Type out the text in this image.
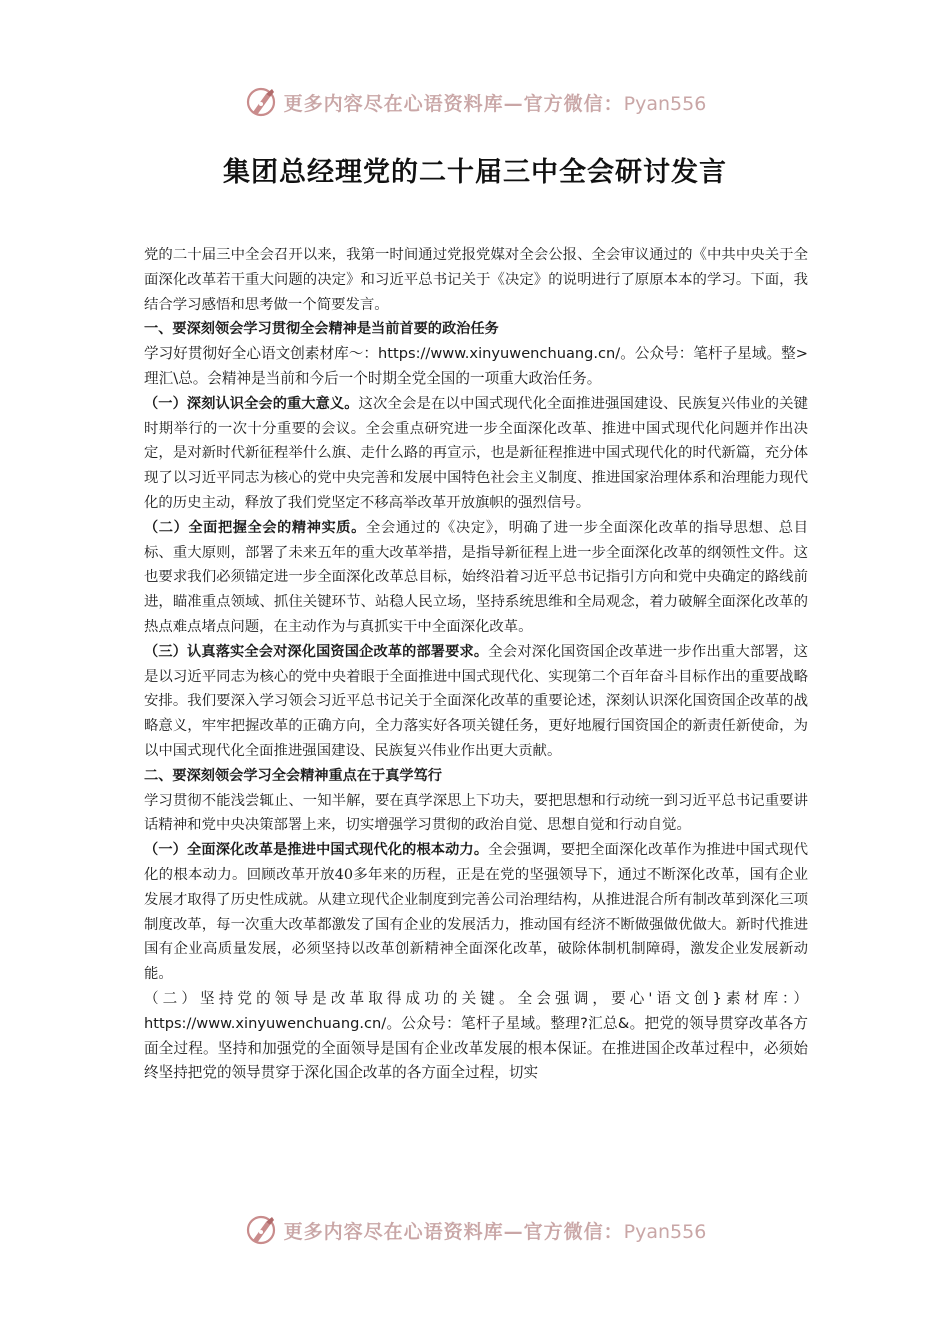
更多内容尽在心语资料库—官方微信：Pyan556
集团总经理党的二十届三中全会研讨发言

党的二十届三中全会召开以来，我第一时间通过党报党媒对全会公报、全会审议通过的《中共中央关于全面深化改革若干重大问题的决定》和习近平总书记关于《决定》的说明进行了原原本本的学习。下面，我结合学习感悟和思考做一个简要发言。

一、要深刻领会学习贯彻全会精神是当前首要的政治任务

学习好贯彻好全心语文创素材库～：https://www.xinyuwenchuang.cn/。公众号：笔杆子星域。整>理汇\总。会精神是当前和今后一个时期全党全国的一项重大政治任务。

（一）深刻认识全会的重大意义。这次全会是在以中国式现代化全面推进强国建设、民族复兴伟业的关键时期举行的一次十分重要的会议。全会重点研究进一步全面深化改革、推进中国式现代化问题并作出决定，是对新时代新征程举什么旗、走什么路的再宣示，也是新征程推进中国式现代化的时代新篇，充分体现了以习近平同志为核心的党中央完善和发展中国特色社会主义制度、推进国家治理体系和治理能力现代化的历史主动，释放了我们党坚定不移高举改革开放旗帜的强烈信号。

（二）全面把握全会的精神实质。全会通过的《决定》，明确了进一步全面深化改革的指导思想、总目标、重大原则，部署了未来五年的重大改革举措，是指导新征程上进一步全面深化改革的纲领性文件。这也要求我们必须锚定进一步全面深化改革总目标，始终沿着习近平总书记指引方向和党中央确定的路线前进，瞄准重点领域、抓住关键环节、站稳人民立场，坚持系统思维和全局观念，着力破解全面深化改革的热点难点堵点问题，在主动作为与真抓实干中全面深化改革。

（三）认真落实全会对深化国资国企改革的部署要求。全会对深化国资国企改革进一步作出重大部署，这是以习近平同志为核心的党中央着眼于全面推进中国式现代化、实现第二个百年奋斗目标作出的重要战略安排。我们要深入学习领会习近平总书记关于全面深化改革的重要论述，深刻认识深化国资国企改革的战略意义，牢牢把握改革的正确方向，全力落实好各项关键任务，更好地履行国资国企的新责任新使命，为以中国式现代化全面推进强国建设、民族复兴伟业作出更大贡献。

二、要深刻领会学习全会精神重点在于真学笃行

学习贯彻不能浅尝辄止、一知半解，要在真学深思上下功夫，要把思想和行动统一到习近平总书记重要讲话精神和党中央决策部署上来，切实增强学习贯彻的政治自觉、思想自觉和行动自觉。

（一）全面深化改革是推进中国式现代化的根本动力。全会强调，要把全面深化改革作为推进中国式现代化的根本动力。回顾改革开放40多年来的历程，正是在党的坚强领导下，通过不断深化改革，国有企业发展才取得了历史性成就。从建立现代企业制度到完善公司治理结构，从推进混合所有制改革到深化三项制度改革，每一次重大改革都激发了国有企业的发展活力，推动国有经济不断做强做优做大。新时代推进国有企业高质量发展，必须坚持以改革创新精神全面深化改革，破除体制机制障碍，激发企业发展新动能。

（二）坚持党的领导是改革取得成功的关键。全会强调，要心'语文创}素材库：）https://www.xinyuwenchuang.cn/。公众号：笔杆子星域。整理?汇总&。把党的领导贯穿改革各方面全过程。坚持和加强党的全面领导是国有企业改革发展的根本保证。在推进国企改革过程中，必须始终坚持把党的领导贯穿于深化国企改革的各方面全过程，切实

更多内容尽在心语资料库—官方微信：Pyan556
